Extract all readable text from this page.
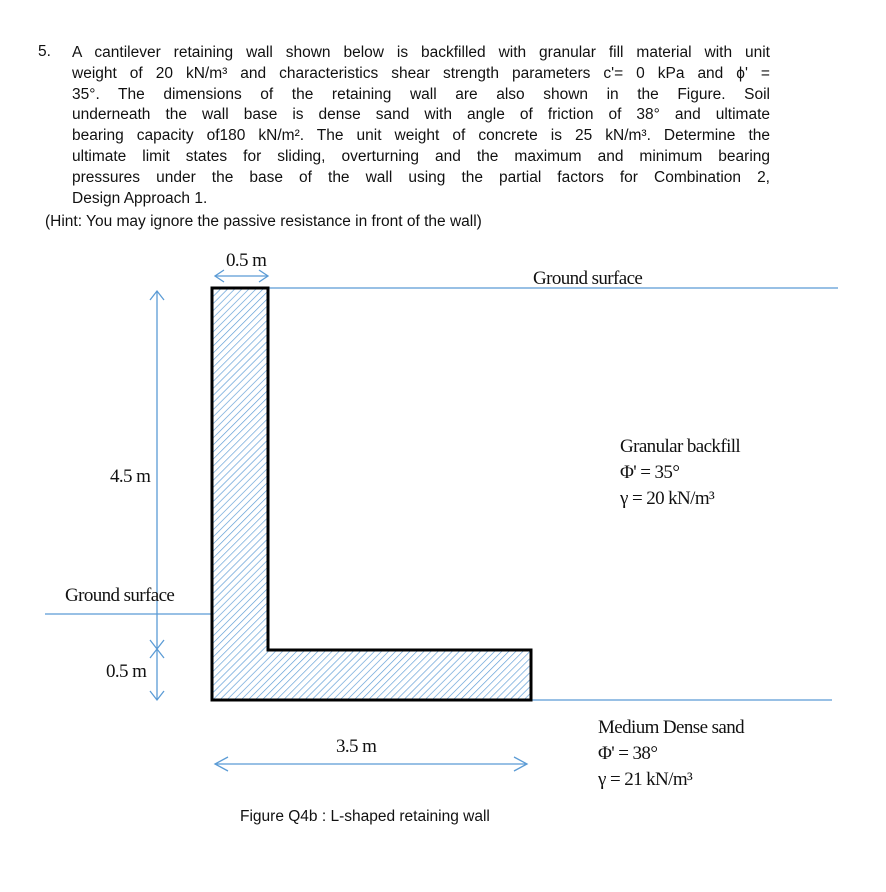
5. A cantilever retaining wall shown below is backfilled with granular fill material with unit

weight of 20 kN/m³ and characteristics shear strength parameters c'= 0 kPa and ϕ' =

35°. The dimensions of the retaining wall are also shown in the Figure. Soil

underneath the wall base is dense sand with angle of friction of 38° and ultimate

bearing capacity of180 kN/m². The unit weight of concrete is 25 kN/m³. Determine the

ultimate limit states for sliding, overturning and the maximum and minimum bearing

pressures under the base of the wall using the partial factors for Combination 2,

Design Approach 1.

(Hint: You may ignore the passive resistance in front of the wall)
0.5 m
Ground surface
4.5 m
Ground surface
0.5 m
3.5 m
Granular backfill
Φ' = 35°
γ = 20 kN/m³
Medium Dense sand
Φ' = 38°
γ = 21 kN/m³
Figure Q4b : L-shaped retaining wall
